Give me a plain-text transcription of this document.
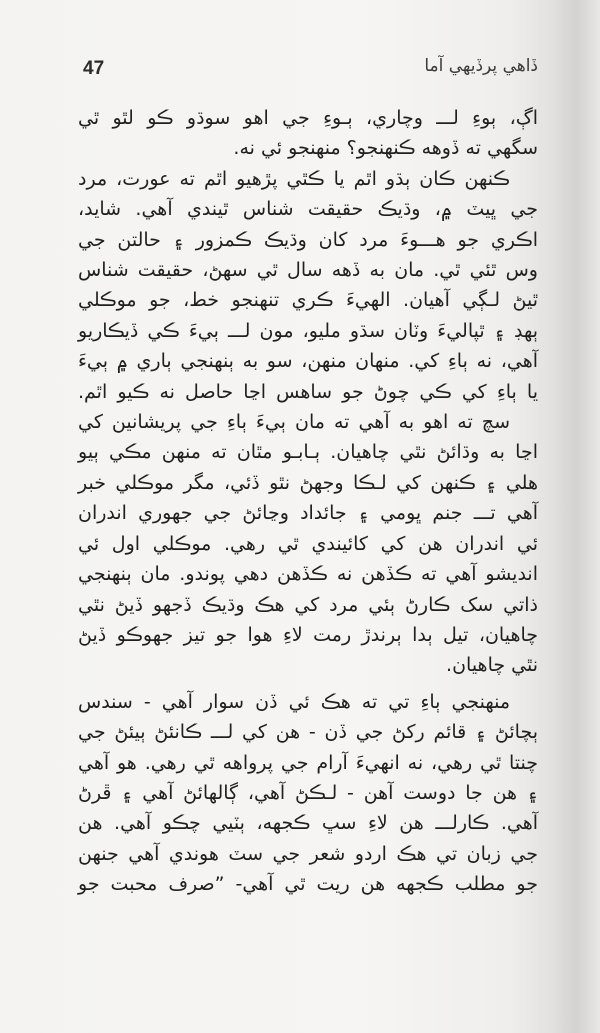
47	ڏاهي پرڏيهي آما
اڳ، ٻوءِ لـــ وچاري، ٻـوءِ جي اهو سوڌو ڪو لٿو ٿي
سگهي ته ڏوهه ڪنهنجو؟ منهنجو ئي نه.
ڪنهن ڪان ٻڌو اٿم يا ڪٿي پڙهيو اٿم ته عورت، مرد
جي ڀيٽ ۾، وڌيڪ حقيقت شناس ٿيندي آهي. شايد،
اڪري جو هـــوءَ مرد کان وڌيڪ ڪمزور ۽ حالتن جي
وس ٿئي ٿي. مان به ڏهه سال ٿي سهڻ، حقيقت شناس
ٿيڻ لـڳي آهيان. الهيءَ ڪري تنهنجو خط، جو موڪلي
ٻهڊ ۽ ٿپاليءَ وٽان سڌو مليو، مون لـــ ٻيءَ ڪي ڏيڪاريو
آهي، نه ٻاءِ کي. منهان منهن، سو به ٻنهنجي ٻاري ۾ ٻيءَ
يا ٻاءِ کي ڪي چوڻ جو ساهس اڃا حاصل نه ڪيو اٿم.
سچ ته اهو به آهي ته مان ٻيءَ ٻاءِ جي پريشانين کي
اڃا به وڌائڻ نٿي چاهيان. ٻـابـو مٿان ته منهن مڪي ٻيو
هلي ۽ ڪنهن کي لـڪا وجهڻ نٿو ڏئي، مگر موڪلي خبر
آهي تـــ جنم ڀومي ۽ جائداد وڃائڻ جي جهوري اندران
ئي اندران هن کي کائيندي ٿي رهي. موڪلي اول ئي
انديشو آهي ته ڪڏهن نه ڪڏهن دهي پوندو. مان ٻنهنجي
ذاتي سک ڪارڻ ٻئي مرد کي هڪ وڌيڪ ڏجهو ڏيڻ نٿي
چاهيان، تيل ٻدا ٻرندڙ رمت لاءِ هوا جو تيز جهوڪو ڏيڻ
نٿي چاهيان.
منهنجي ٻاءِ تي ته هڪ ئي ڏن سوار آهي - سندس
ٻچائڻ ۽ قائم رکڻ جي ڏن - هن کي لـــ ڪانئڻ ٻيئڻ جي
چنتا ٿي رهي، نه انهيءَ آرام جي پرواهه ٿي رهي. هو آهي
۽ هن جا دوست آهن - لـڪڻ آهي، ڳالهائڻ آهي ۽ ڦرڻ
آهي. ڪارلـــ هن لاءِ سڀ ڪجهه، ٻٽيي چڪو آهي. هن
جي زبان تي هڪ اردو شعر جي سٽ هوندي آهي جنهن
جو مطلب ڪجهه هن ريت ٿي آهي- ”صرف محبت جو
